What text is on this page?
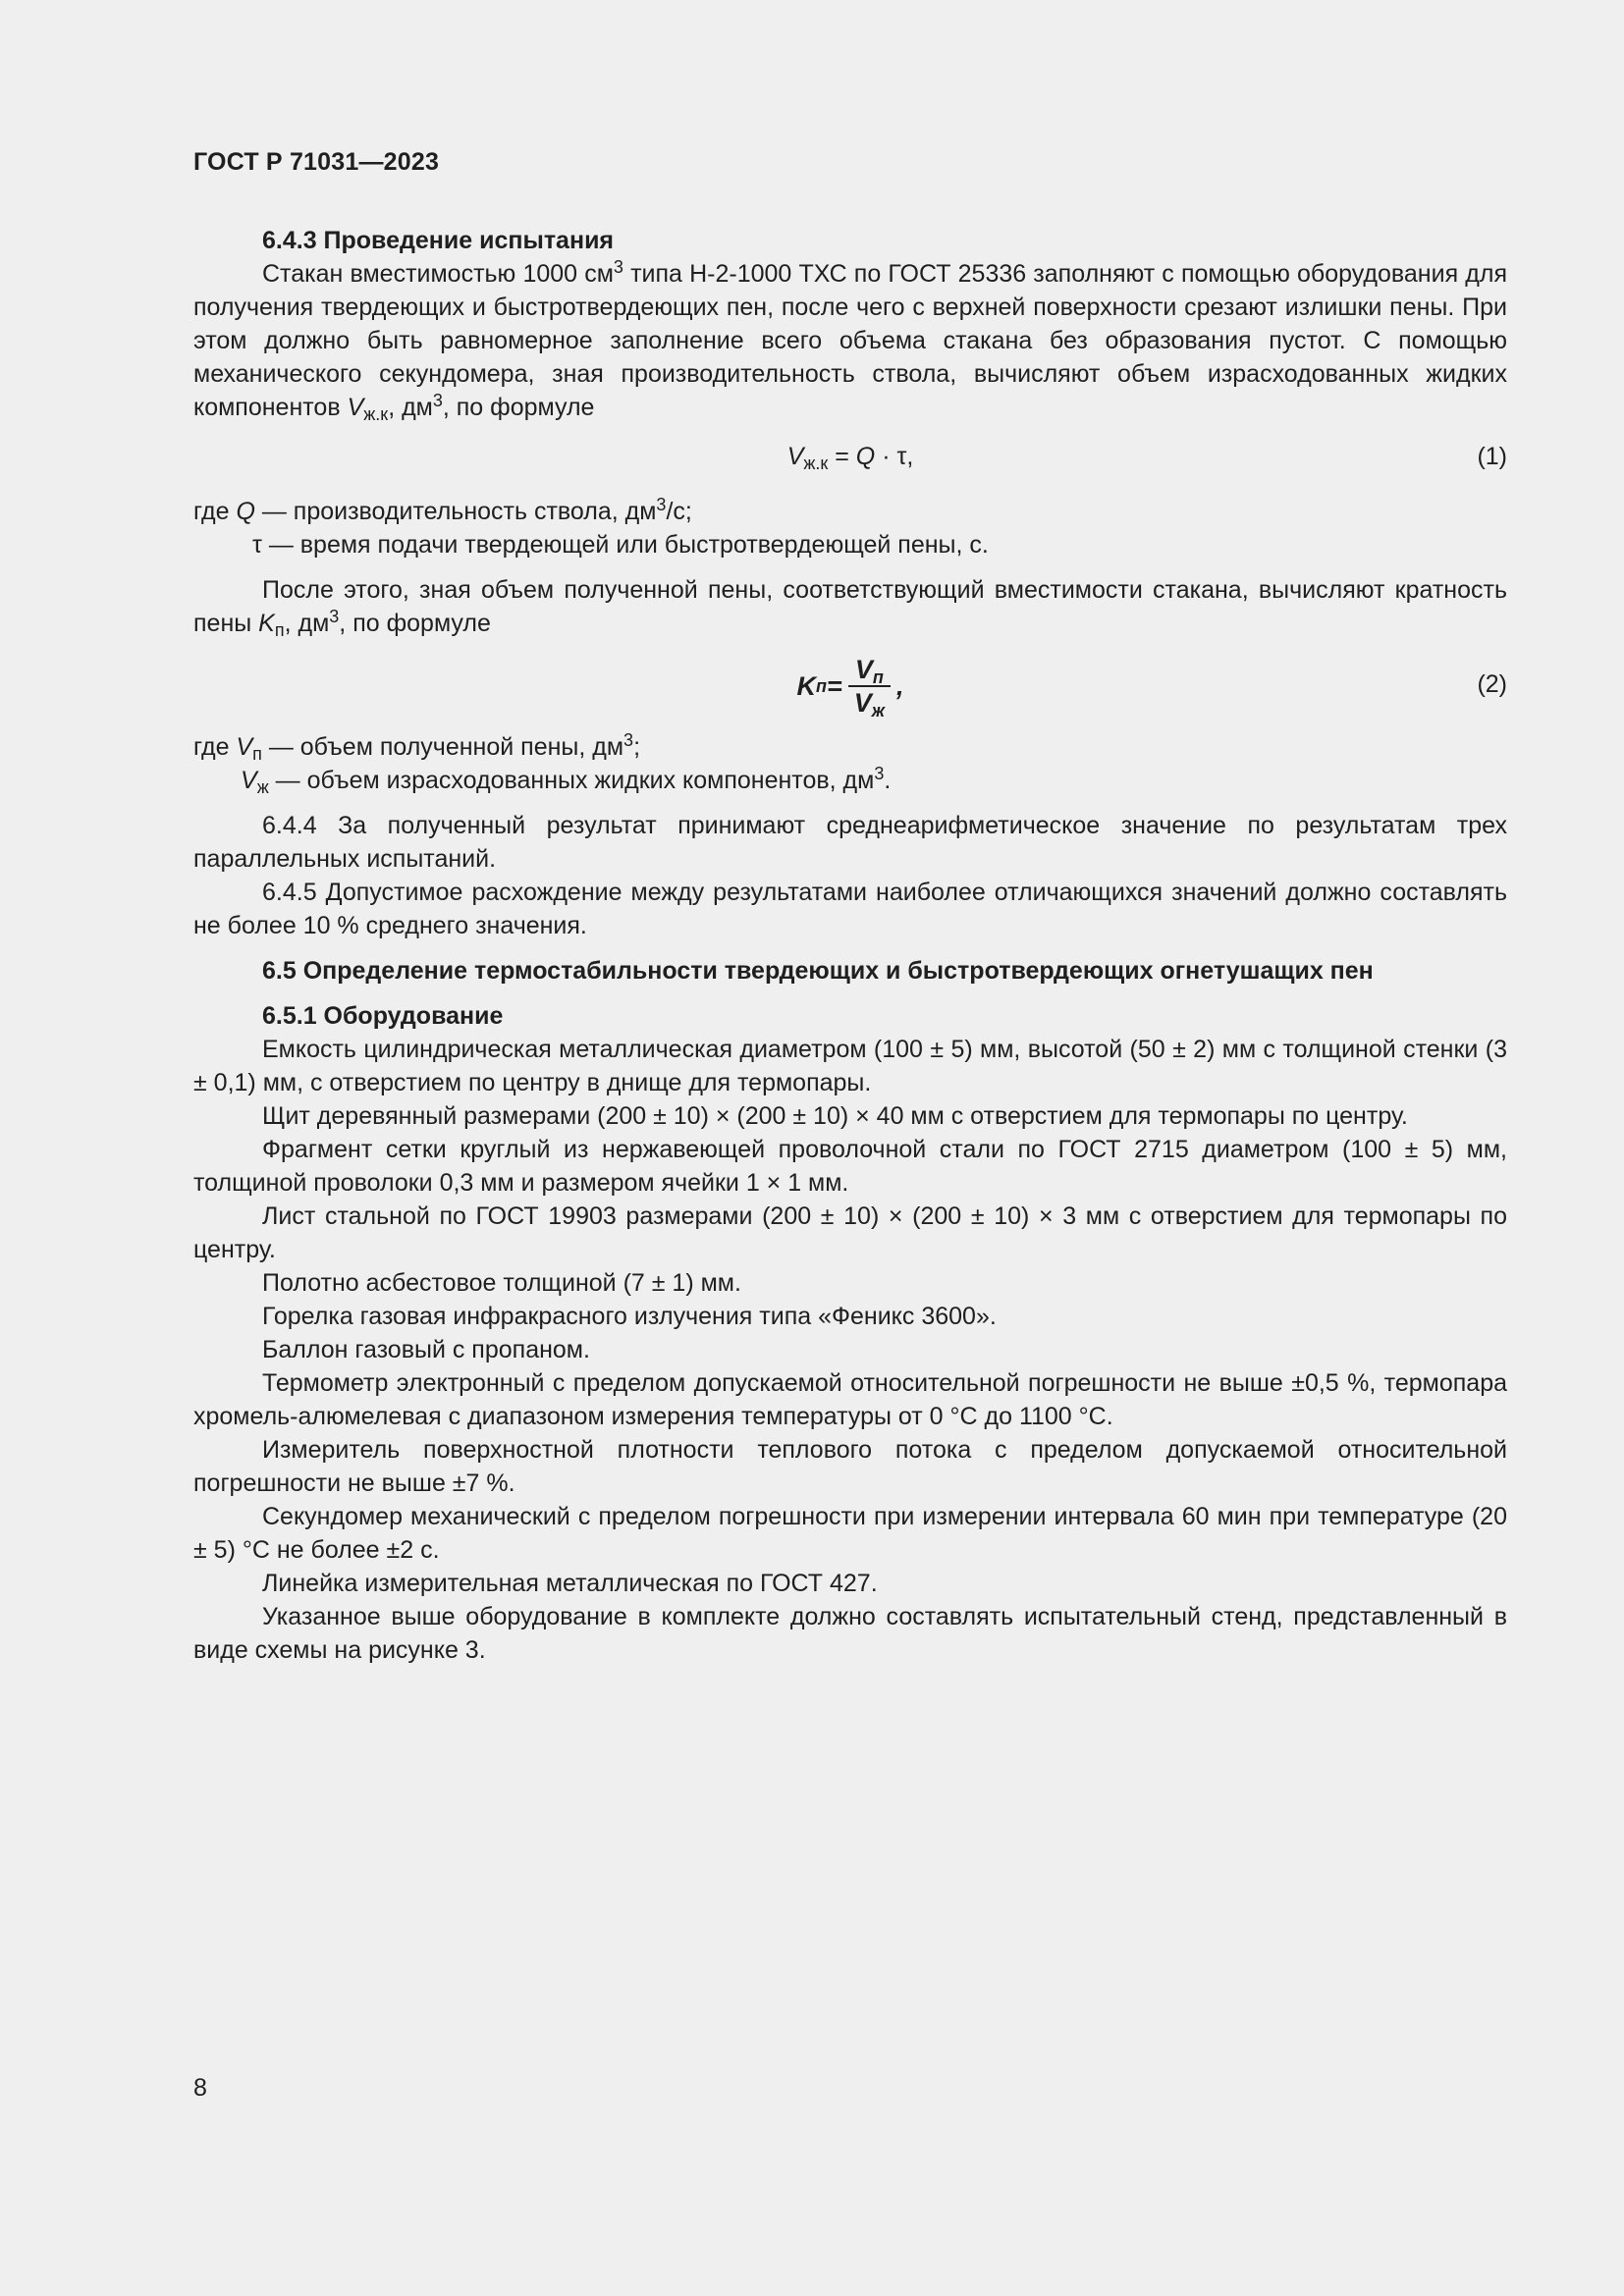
ГОСТ Р 71031—2023

6.4.3 Проведение испытания

Стакан вместимостью 1000 $см^3$ типа Н-2-1000 ТХС по ГОСТ 25336 заполняют с помощью оборудования для получения твердеющих и быстротвердеющих пен, после чего с верхней поверхности срезают излишки пены. При этом должно быть равномерное заполнение всего объема стакана без образования пустот. С помощью механического секундомера, зная производительность ствола, вычисляют объем израсходованных жидких компонентов $V_{ж.к}$, $дм^3$, по формуле

$V_{ж.к} = Q \cdot \tau$,	(1)

где Q — производительность ствола, $дм^3/с$;

τ — время подачи твердеющей или быстротвердеющей пены, с.

После этого, зная объем полученной пены, соответствующий вместимости стакана, вычисляют кратность пены $K_п$, $дм^3$, по формуле

K $п = \frac{V_п}{V_ж}$ ,	(2)

где $V_п$ — объем полученной пены, $дм^3$;

$V_ж$ — объем израсходованных жидких компонентов, $дм^3$.

6.4.4 За полученный результат принимают среднеарифметическое значение по результатам трех параллельных испытаний.

6.4.5 Допустимое расхождение между результатами наиболее отличающихся значений должно составлять не более 10 % среднего значения.

6.5 Определение термостабильности твердеющих и быстротвердеющих огнетушащих пен

6.5.1 Оборудование

Емкость цилиндрическая металлическая диаметром (100 ± 5) мм, высотой (50 ± 2) мм с толщиной стенки (3 ± 0,1) мм, с отверстием по центру в днище для термопары.

Щит деревянный размерами (200 ± 10) × (200 ± 10) × 40 мм с отверстием для термопары по центру.

Фрагмент сетки круглый из нержавеющей проволочной стали по ГОСТ 2715 диаметром (100 ± 5) мм, толщиной проволоки 0,3 мм и размером ячейки 1 × 1 мм.

Лист стальной по ГОСТ 19903 размерами (200 ± 10) × (200 ± 10) × 3 мм с отверстием для термопары по центру.

Полотно асбестовое толщиной (7 ± 1) мм.

Горелка газовая инфракрасного излучения типа «Феникс 3600».

Баллон газовый с пропаном.

Термометр электронный с пределом допускаемой относительной погрешности не выше ±0,5 %, термопара хромель-алюмелевая с диапазоном измерения температуры от 0 °С до 1100 °С.

Измеритель поверхностной плотности теплового потока с пределом допускаемой относительной погрешности не выше ±7 %.

Секундомер механический с пределом погрешности при измерении интервала 60 мин при температуре (20 ± 5) °С не более ±2 с.

Линейка измерительная металлическая по ГОСТ 427.

Указанное выше оборудование в комплекте должно составлять испытательный стенд, представленный в виде схемы на рисунке 3.

8
